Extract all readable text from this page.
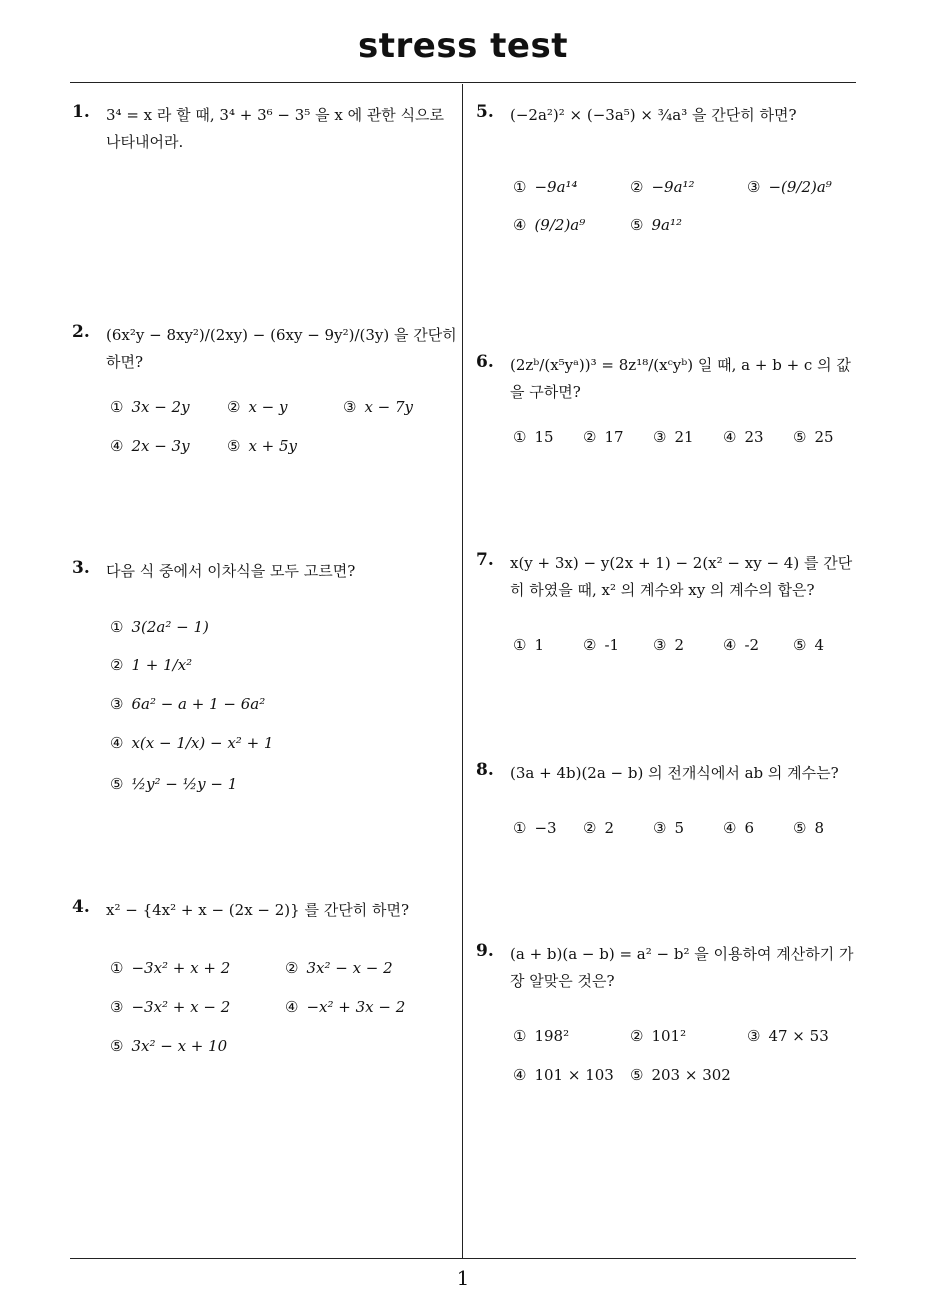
stress test
1
1. 3⁴ = x 라 할 때, 3⁴ + 3⁶ − 3⁵ 을 x 에 관한 식으로 나타내어라.
2. (6x²y − 8xy²)/(2xy) − (6xy − 9y²)/(3y) 을 간단히 하면?
① 3x − 2y ② x − y	③ x − 7y
④ 2x − 3y ⑤ x + 5y
3. 다음 식 중에서 이차식을 모두 고르면?
① 3(2a² − 1)
② 1 + 1/x²
③ 6a² − a + 1 − 6a²
④ x(x − 1/x) − x² + 1
⑤ ½y² − ½y − 1
4. x² − {4x² + x − (2x − 2)} 를 간단히 하면?
① −3x² + x + 2	② 3x² − x − 2
③ −3x² + x − 2	④ −x² + 3x − 2
⑤ 3x² − x + 10
5. (−2a²)² × (−3a⁵) × ¾a³ 을 간단히 하면?
① −9a¹⁴	② −9a¹²	③ −(9/2)a⁹
④ (9/2)a⁹	⑤ 9a¹²
6. (2zᵇ/(x⁵yᵃ))³ = 8z¹⁸/(xᶜyᵇ) 일 때, a + b + c 의 값을 구하면?
① 15 ② 17 ③ 21 ④ 23 ⑤ 25
7. x(y + 3x) − y(2x + 1) − 2(x² − xy − 4) 를 간단히 하였을 때, x² 의 계수와 xy 의 계수의 합은?
① 1	② -1 ③ 2	④ -2 ⑤ 4
8. (3a + 4b)(2a − b) 의 전개식에서 ab 의 계수는?
① −3 ② 2	③ 5	④ 6	⑤ 8
9. (a + b)(a − b) = a² − b² 을 이용하여 계산하기 가장 알맞은 것은?
① 198²	② 101²	③ 47 × 53
④ 101 × 103 ⑤ 203 × 302
